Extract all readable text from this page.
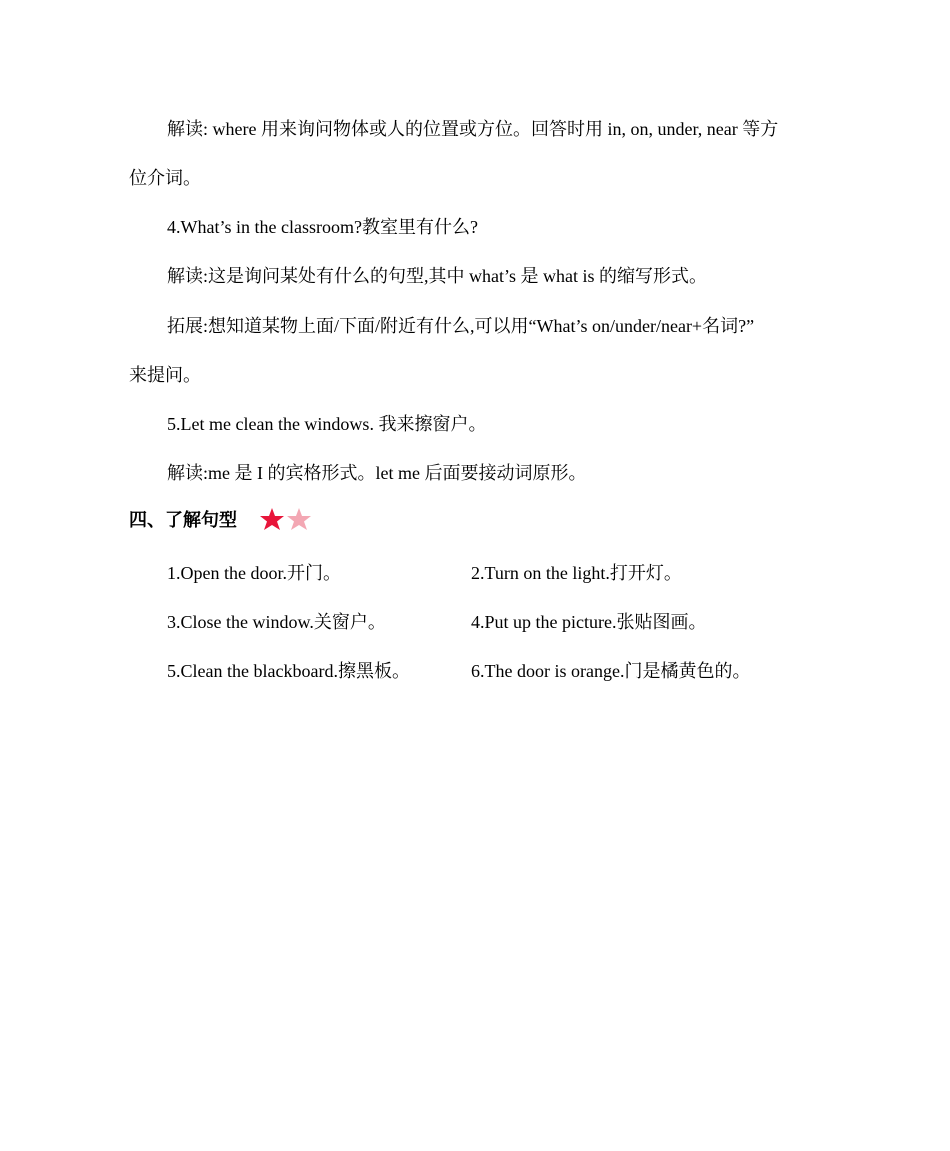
解读: where 用来询问物体或人的位置或方位。回答时用 in, on, under, near 等方
位介词。
4.What’s in the classroom?教室里有什么?
解读:这是询问某处有什么的句型,其中 what’s 是 what is 的缩写形式。
拓展:想知道某物上面/下面/附近有什么,可以用“What’s on/under/near+名词?”
来提问。
5.Let me clean the windows. 我来擦窗户。
解读:me 是 I 的宾格形式。let me 后面要接动词原形。
四、了解句型
1.Open the door.开门。	2.Turn on the light.打开灯。
3.Close the window.关窗户。	4.Put up the picture.张贴图画。
5.Clean the blackboard.擦黑板。	6.The door is orange.门是橘黄色的。
